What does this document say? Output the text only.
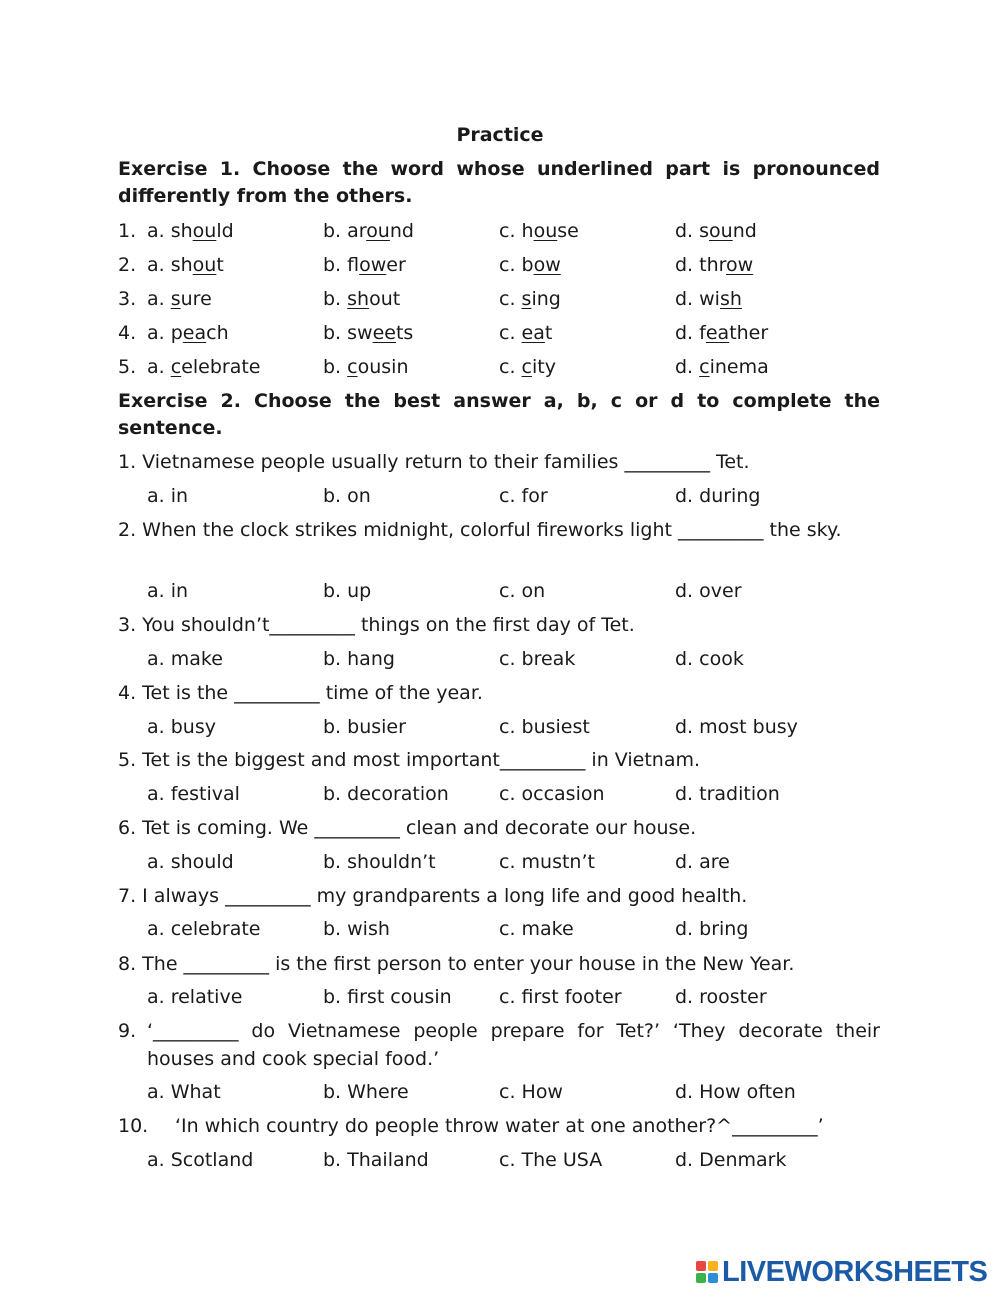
Practice
Exercise 1. Choose the word whose underlined part is pronounced differently from the others.
1. a. should	b. around	c. house	d. sound
2. a. shout	b. flower	c. bow	d. throw
3. a. sure	b. shout	c. sing	d. wish
4. a. peach	b. sweets	c. eat	d. feather
5. a. celebrate	b. cousin	c. city	d. cinema
Exercise 2. Choose the best answer a, b, c or d to complete the sentence.
1. Vietnamese people usually return to their families _________ Tet.
a. in	b. on	c. for	d. during
2. When the clock strikes midnight, colorful fireworks light _________ the sky.
a. in	b. up	c. on	d. over
3. You shouldn’t_________ things on the first day of Tet.
a. make	b. hang	c. break	d. cook
4. Tet is the _________ time of the year.
a. busy	b. busier	c. busiest	d. most busy
5. Tet is the biggest and most important_________ in Vietnam.
a. festival	b. decoration	c. occasion	d. tradition
6. Tet is coming. We _________ clean and decorate our house.
a. should	b. shouldn’t	c. mustn’t	d. are
7. I always _________ my grandparents a long life and good health.
a. celebrate	b. wish	c. make	d. bring
8. The _________ is the first person to enter your house in the New Year.
a. relative	b. first cousin c. first footer	d. rooster
9. ‘_________ do Vietnamese people prepare for Tet?’ ‘They decorate their houses and cook special food.’
a. What	b. Where	c. How	d. How often
10. ‘In which country do people throw water at one another?^_________’
a. Scotland	b. Thailand	c. The USA	d. Denmark
LIVEWORKSHEETS
